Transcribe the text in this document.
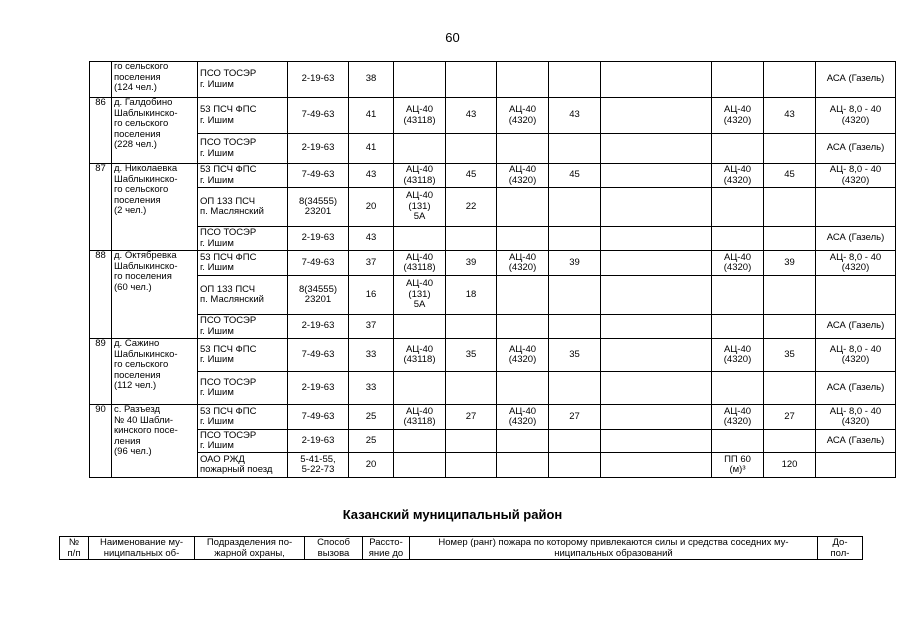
60
	го сельского
поселения
(124 чел.)	ПСО ТОСЭР
г. Ишим	2-19-63	38								АСА (Газель)
86	д. Галдобино
Шаблыкинско-
го сельского
поселения
(228 чел.)	53 ПСЧ ФПС
г. Ишим	7-49-63	41	АЦ-40
(43118)	43	АЦ-40
(4320)	43		АЦ-40
(4320)	43	АЦ- 8,0 - 40
(4320)
		ПСО ТОСЭР
г. Ишим	2-19-63	41								АСА (Газель)
87	д. Николаевка
Шаблыкинско-
го сельского
поселения
(2 чел.)	53 ПСЧ ФПС
г. Ишим	7-49-63	43	АЦ-40
(43118)	45	АЦ-40
(4320)	45		АЦ-40
(4320)	45	АЦ- 8,0 - 40
(4320)
		ОП 133 ПСЧ
п. Маслянский	8(34555)
23201	20	АЦ-40
(131)
5А	22						
		ПСО ТОСЭР
г. Ишим	2-19-63	43								АСА (Газель)
88	д. Октябревка
Шаблыкинско-
го поселения
(60 чел.)	53 ПСЧ ФПС
г. Ишим	7-49-63	37	АЦ-40
(43118)	39	АЦ-40
(4320)	39		АЦ-40
(4320)	39	АЦ- 8,0 - 40
(4320)
		ОП 133 ПСЧ
п. Маслянский	8(34555)
23201	16	АЦ-40
(131)
5А	18						
		ПСО ТОСЭР
г. Ишим	2-19-63	37								АСА (Газель)
89	д. Сажино
Шаблыкинско-
го сельского
поселения
(112 чел.)	53 ПСЧ ФПС
г. Ишим	7-49-63	33	АЦ-40
(43118)	35	АЦ-40
(4320)	35		АЦ-40
(4320)	35	АЦ- 8,0 - 40
(4320)
		ПСО ТОСЭР
г. Ишим	2-19-63	33								АСА (Газель)
90	с. Разъезд
№ 40 Шабли-
кинского посе-
ления
(96 чел.)	53 ПСЧ ФПС
г. Ишим	7-49-63	25	АЦ-40
(43118)	27	АЦ-40
(4320)	27		АЦ-40
(4320)	27	АЦ- 8,0 - 40
(4320)
		ПСО ТОСЭР
г. Ишим	2-19-63	25								АСА (Газель)
		ОАО РЖД
пожарный поезд	5-41-55,
5-22-73	20						ПП 60
(м)³	120	
Казанский муниципальный район
№
п/п	Наименование му-
ниципальных об-	Подразделения по-
жарной охраны,	Способ
вызова	Рассто-
яние до	Номер (ранг) пожара по которому привлекаются силы и средства соседних му-
ниципальных образований	До-
пол-
